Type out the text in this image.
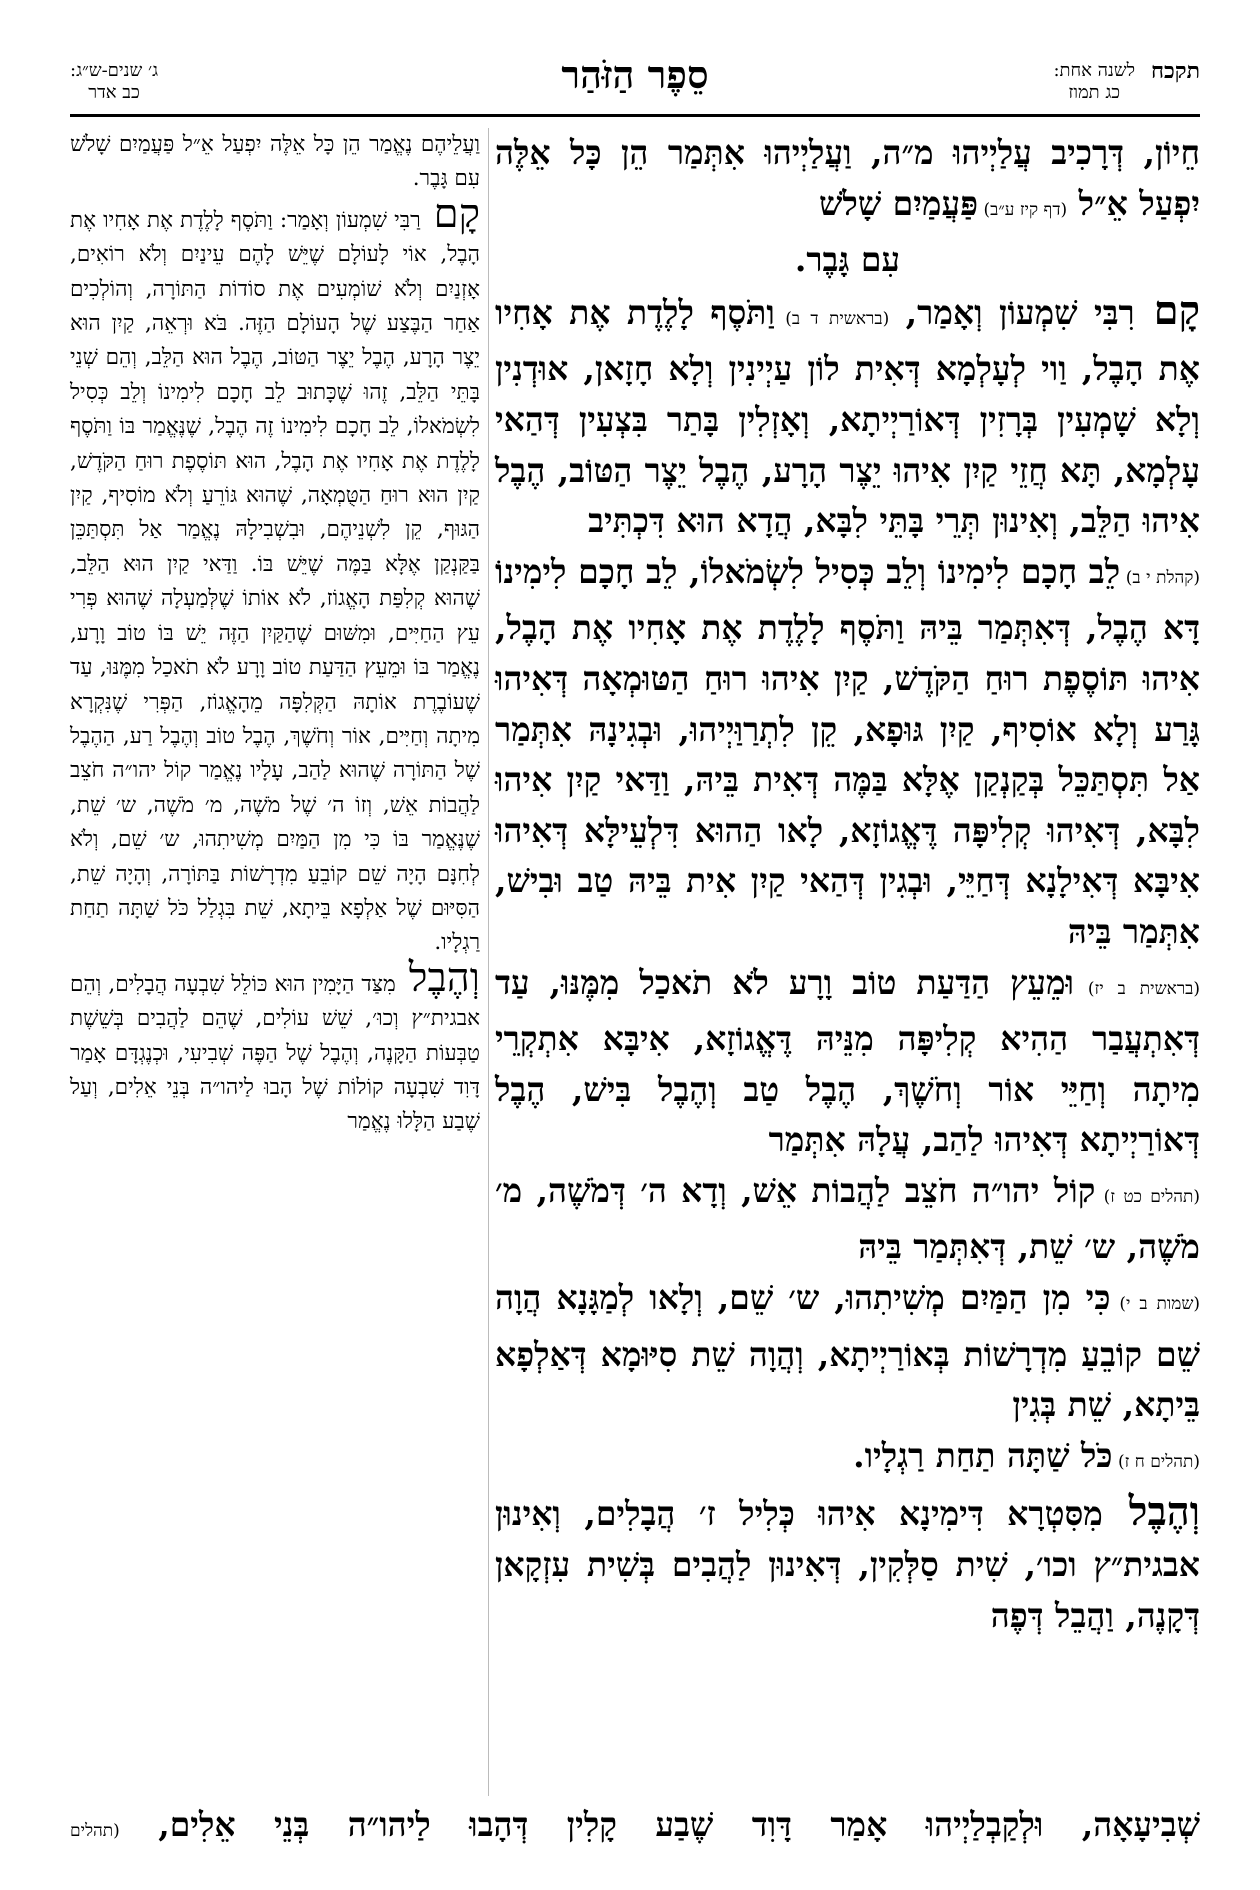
ג׳ שנים-ש״ג:
כב אדר	סֵפֶר הַזֹּהַר	תקכח
לשנה אחת:
כג תמוז

חֵיוֹן, דְּרָכִיב עֲלַיְיהוּ מ״ה, וַעֲלַיְיהוּ אִתְּמַר הֵן כָּל אֵלֶּה יִפְעַל אֵ״ל (דף קיז ע״ב) פַּעֲמַיִם שָׁלֹשׁ

עִם גָּבֶר.

קָם רִבִּי שִׁמְעוֹן וְאָמַר, (בראשית ד ב) וַתֹּסֶף לָלֶדֶת אֶת אָחִיו אֶת הָבֶל, וַוי לְעָלְמָא דְּאִית לוֹן עַיְינִין וְלָא חָזָאן, אוּדְנִין וְלָא שָׁמְעִין בְּרָזִין דְּאוֹרַיְיתָא, וְאָזְלִין בָּתַר בִּצְעִין דְּהַאי עָלְמָא, תָּא חֲזֵי קַיִן אִיהוּ יֵצֶר הָרָע, הֶבֶל יֵצֶר הַטּוֹב, הֶבֶל אִיהוּ הַלֵּב, וְאִינוּן תְּרֵי בָּתֵּי לִבָּא, הֲדָא הוּא דִּכְתִּיב

(קהלת י ב) לֵב חָכָם לִימִינוֹ וְלֵב כְּסִיל לִשְׂמֹאלוֹ, לֵב חָכָם לִימִינוֹ דָּא הֶבֶל, דְּאִתְּמַר בֵּיהּ וַתֹּסֶף לָלֶדֶת אֶת אָחִיו אֶת הָבֶל, אִיהוּ תּוֹסֶפֶת רוּחַ הַקֹּדֶשׁ, קַיִן אִיהוּ רוּחַ הַטּוּמְאָה דְּאִיהוּ גָּרַע וְלָא אוֹסִיף, קַיִן גּוּפָא, קֵן לִתְרַוַּיְיהוּ, וּבְגִינָהּ אִתְּמַר אַל תִּסְתַּכֵּל בְּקַנְקַן אֶלָּא בַּמֶּה דְּאִית בֵּיהּ, וַדַּאי קַיִן אִיהוּ לִבָּא, דְּאִיהוּ קְלִיפָּה דֶּאֱגוֹזָא, לָאו הַהוּא דִּלְעֵילָּא דְּאִיהוּ אִיבָּא דְּאִילָנָא דְּחַיֵּי, וּבְגִין דְּהַאי קַיִן אִית בֵּיהּ טַב וּבִישׁ, אִתְּמַר בֵּיהּ

(בראשית ב יז) וּמֵעֵץ הַדַּעַת טוֹב וָרָע לֹא תֹאכַל מִמֶּנּוּ, עַד דְּאִתְעֲבַר הַהִיא קְלִיפָּה מִנֵּיהּ דֶּאֱגוֹזָא, אִיבָּא אִתְקְרֵי מִיתָה וְחַיֵּי אוֹר וְחֹשֶׁךְ, הֶבֶל טַב וְהֶבֶל בִּישׁ, הֶבֶל דְּאוֹרַיְיתָא דְּאִיהוּ לַהַב, עֲלָהּ אִתְּמַר

(תהלים כט ז) קוֹל יהו״ה חֹצֵב לַהֲבוֹת אֵשׁ, וְדָא ה׳ דְּמֹשֶׁה, מ׳ מֹשֶׁה, ש׳ שֵׁת, דְּאִתְּמַר בֵּיהּ

(שמות ב י) כִּי מִן הַמַּיִם מְשִׁיתִהוּ, ש׳ שֵׁם, וְלָאו לְמַגָּנָא הֲוָה שֵׁם קוֹבֵעַ מִדְרָשׁוֹת בְּאוֹרַיְיתָא, וְהֲוָה שֵׁת סִיּוּמָא דְּאַלְפָא בֵּיתָא, שֵׁת בְּגִין

(תהלים ח ז) כֹּל שַׁתָּה תַחַת רַגְלָיו.

וְהֶבֶל מִסִּטְרָא דִּימִינָא אִיהוּ כְּלִיל ז׳ הֲבָלִים, וְאִינוּן אבגית״ץ וכו׳, שִׁית סַלְּקִין, דְּאִינוּן לַהֲבִים בְּשִׁית עִזְקָאן דְּקָנֶה, וַהֲבֵל דְּפֶה

וַעֲלֵיהֶם נֶאֱמַר הֵן כָּל אֵלֶּה יִפְעַל אֵ״ל פַּעֲמַיִם שָׁלֹשׁ עִם גָּבֶר.

קָם רַבִּי שִׁמְעוֹן וְאָמַר: וַתֹּסֶף לָלֶדֶת אֶת אָחִיו אֶת הָבֶל, אוֹי לָעוֹלָם שֶׁיֵּשׁ לָהֶם עֵינַיִם וְלֹא רוֹאִים, אָזְנַיִם וְלֹא שׁוֹמְעִים אֶת סוֹדוֹת הַתּוֹרָה, וְהוֹלְכִים אַחַר הַבֶּצַע שֶׁל הָעוֹלָם הַזֶּה. בֹּא וּרְאֵה, קַיִן הוּא יֵצֶר הָרָע, הֶבֶל יֵצֶר הַטּוֹב, הֶבֶל הוּא הַלֵּב, וְהֵם שְׁנֵי בָּתֵּי הַלֵּב, זֶהוּ שֶׁכָּתוּב לֵב חָכָם לִימִינוֹ וְלֵב כְּסִיל לִשְׂמֹאלוֹ, לֵב חָכָם לִימִינוֹ זֶה הֶבֶל, שֶׁנֶּאֱמַר בּוֹ וַתֹּסֶף לָלֶדֶת אֶת אָחִיו אֶת הָבֶל, הוּא תּוֹסֶפֶת רוּחַ הַקֹּדֶשׁ, קַיִן הוּא רוּחַ הַטֻּמְאָה, שֶׁהוּא גּוֹרֵעַ וְלֹא מוֹסִיף, קַיִן הַגּוּף, קֵן לִשְׁנֵיהֶם, וּבִשְׁבִילָהּ נֶאֱמַר אַל תִּסְתַּכֵּן בַּקַּנְקַן אֶלָּא בַּמֶּה שֶׁיֵּשׁ בּוֹ. וַדַּאי קַיִן הוּא הַלֵּב, שֶׁהוּא קְלִפַּת הָאֱגוֹז, לֹא אוֹתוֹ שֶׁלְּמַעְלָה שֶׁהוּא פְּרִי עֵץ הַחַיִּים, וּמִשּׁוּם שֶׁהַקַּיִן הַזֶּה יֵשׁ בּוֹ טוֹב וָרָע, נֶאֱמַר בּוֹ וּמֵעֵץ הַדַּעַת טוֹב וָרָע לֹא תֹאכַל מִמֶּנּוּ, עַד שֶׁעוֹבֶרֶת אוֹתָהּ הַקְּלִפָּה מֵהָאֱגוֹז, הַפְּרִי שֶׁנִּקְרָא מִיתָה וְחַיִּים, אוֹר וְחֹשֶׁךְ, הֶבֶל טוֹב וְהֶבֶל רַע, הַהֶבֶל שֶׁל הַתּוֹרָה שֶׁהוּא לַהַב, עָלָיו נֶאֱמַר קוֹל יהו״ה חֹצֵב לַהֲבוֹת אֵשׁ, וְזוֹ ה׳ שֶׁל מֹשֶׁה, מ׳ מֹשֶׁה, ש׳ שֵׁת, שֶׁנֶּאֱמַר בּוֹ כִּי מִן הַמַּיִם מְשִׁיתִהוּ, ש׳ שֵׁם, וְלֹא לְחִנָּם הָיָה שֵׁם קוֹבֵעַ מִדְרָשׁוֹת בַּתּוֹרָה, וְהָיָה שֵׁת, הַסִּיּוּם שֶׁל אַלְפָא בֵּיתָא, שֵׁת בִּגְלַל כֹּל שַׁתָּה תַחַת רַגְלָיו.

וְהֶבֶל מִצַּד הַיָּמִין הוּא כּוֹלֵל שִׁבְעָה הֲבָלִים, וְהֵם אבגית״ץ וְכוּ׳, שֵׁשׁ עוֹלִים, שֶׁהֵם לַהֲבִים בְּשֵׁשֶׁת טַבְּעוֹת הַקָּנֶה, וְהֶבֶל שֶׁל הַפֶּה שְׁבִיעִי, וּכְנֶגְדָּם אָמַר דָּוִד שִׁבְעָה קוֹלוֹת שֶׁל הָבוּ לַיהו״ה בְּנֵי אֵלִים, וְעַל שֶׁבַע הַלָּלוּ נֶאֱמַר

שְׁבִיעָאָה, וּלְקַבְלַיְיהוּ אָמַר דָּוִד שֶׁבַע קָלִין דְּהָבוּ לַיהו״ה בְּנֵי אֵלִים, (תהלים
